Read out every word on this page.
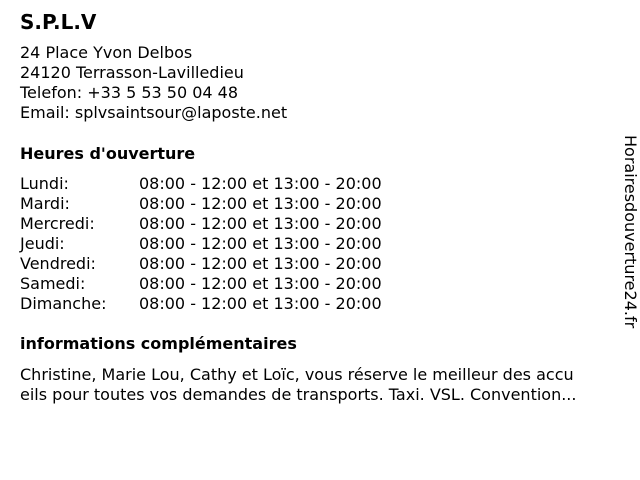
S.P.L.V
24 Place Yvon Delbos
24120 Terrasson-Lavilledieu
Telefon: +33 5 53 50 04 48
Email: splvsaintsour@laposte.net
Heures d'ouverture
Lundi:	08:00 - 12:00 et 13:00 - 20:00
Mardi:	08:00 - 12:00 et 13:00 - 20:00
Mercredi:	08:00 - 12:00 et 13:00 - 20:00
Jeudi:	08:00 - 12:00 et 13:00 - 20:00
Vendredi:	08:00 - 12:00 et 13:00 - 20:00
Samedi:	08:00 - 12:00 et 13:00 - 20:00
Dimanche: 08:00 - 12:00 et 13:00 - 20:00
informations complémentaires
Christine, Marie Lou, Cathy et Loïc, vous réserve le meilleur des accu
eils pour toutes vos demandes de transports. Taxi. VSL. Convention...
Horairesdouverture24.fr
